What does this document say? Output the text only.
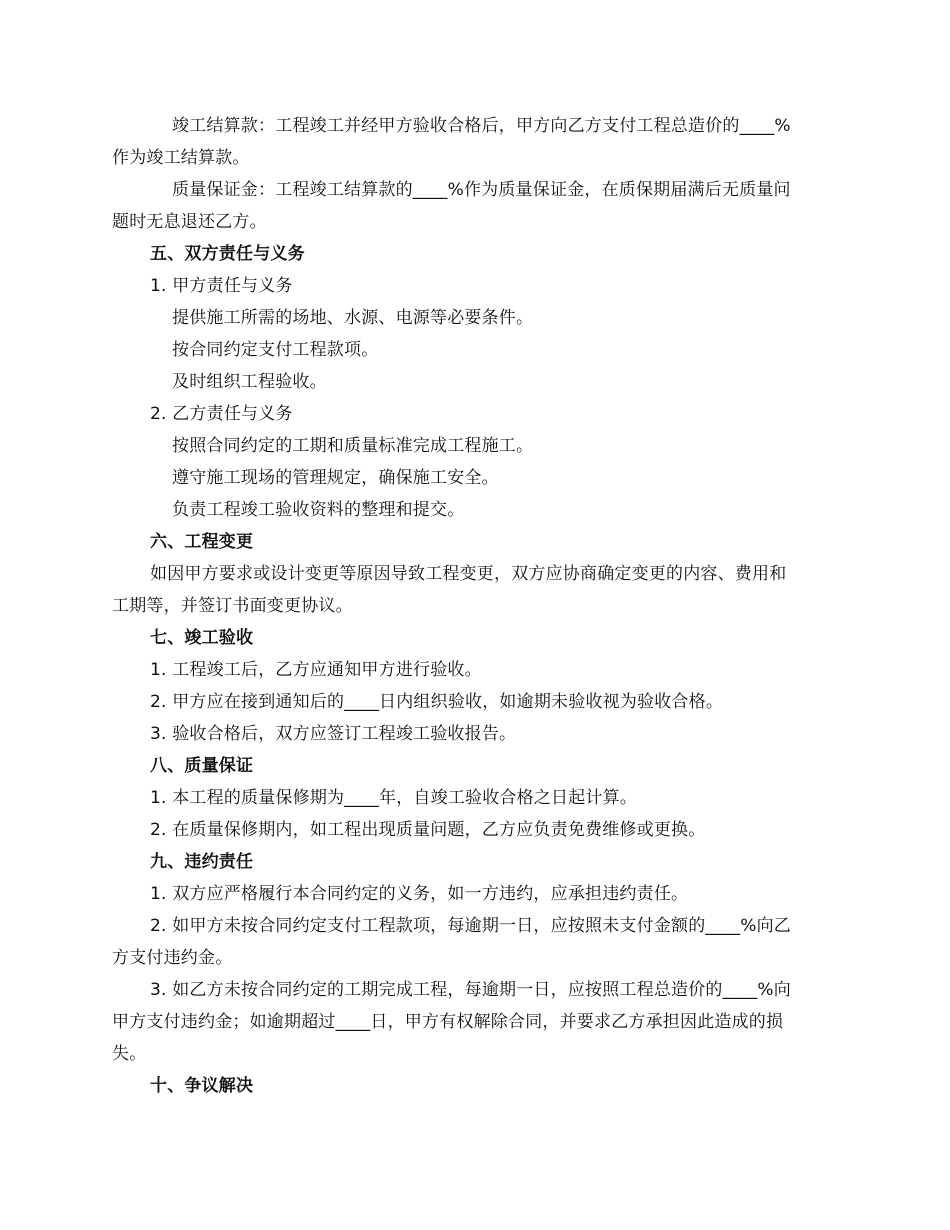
竣工结算款：工程竣工并经甲方验收合格后，甲方向乙方支付工程总造价的____%
作为竣工结算款。
质量保证金：工程竣工结算款的____%作为质量保证金，在质保期届满后无质量问
题时无息退还乙方。
五、双方责任与义务
1. 甲方责任与义务
提供施工所需的场地、水源、电源等必要条件。
按合同约定支付工程款项。
及时组织工程验收。
2. 乙方责任与义务
按照合同约定的工期和质量标准完成工程施工。
遵守施工现场的管理规定，确保施工安全。
负责工程竣工验收资料的整理和提交。
六、工程变更
如因甲方要求或设计变更等原因导致工程变更，双方应协商确定变更的内容、费用和
工期等，并签订书面变更协议。
七、竣工验收
1. 工程竣工后，乙方应通知甲方进行验收。
2. 甲方应在接到通知后的____日内组织验收，如逾期未验收视为验收合格。
3. 验收合格后，双方应签订工程竣工验收报告。
八、质量保证
1. 本工程的质量保修期为____年，自竣工验收合格之日起计算。
2. 在质量保修期内，如工程出现质量问题，乙方应负责免费维修或更换。
九、违约责任
1. 双方应严格履行本合同约定的义务，如一方违约，应承担违约责任。
2. 如甲方未按合同约定支付工程款项，每逾期一日，应按照未支付金额的____%向乙
方支付违约金。
3. 如乙方未按合同约定的工期完成工程，每逾期一日，应按照工程总造价的____%向
甲方支付违约金；如逾期超过____日，甲方有权解除合同，并要求乙方承担因此造成的损
失。
十、争议解决
